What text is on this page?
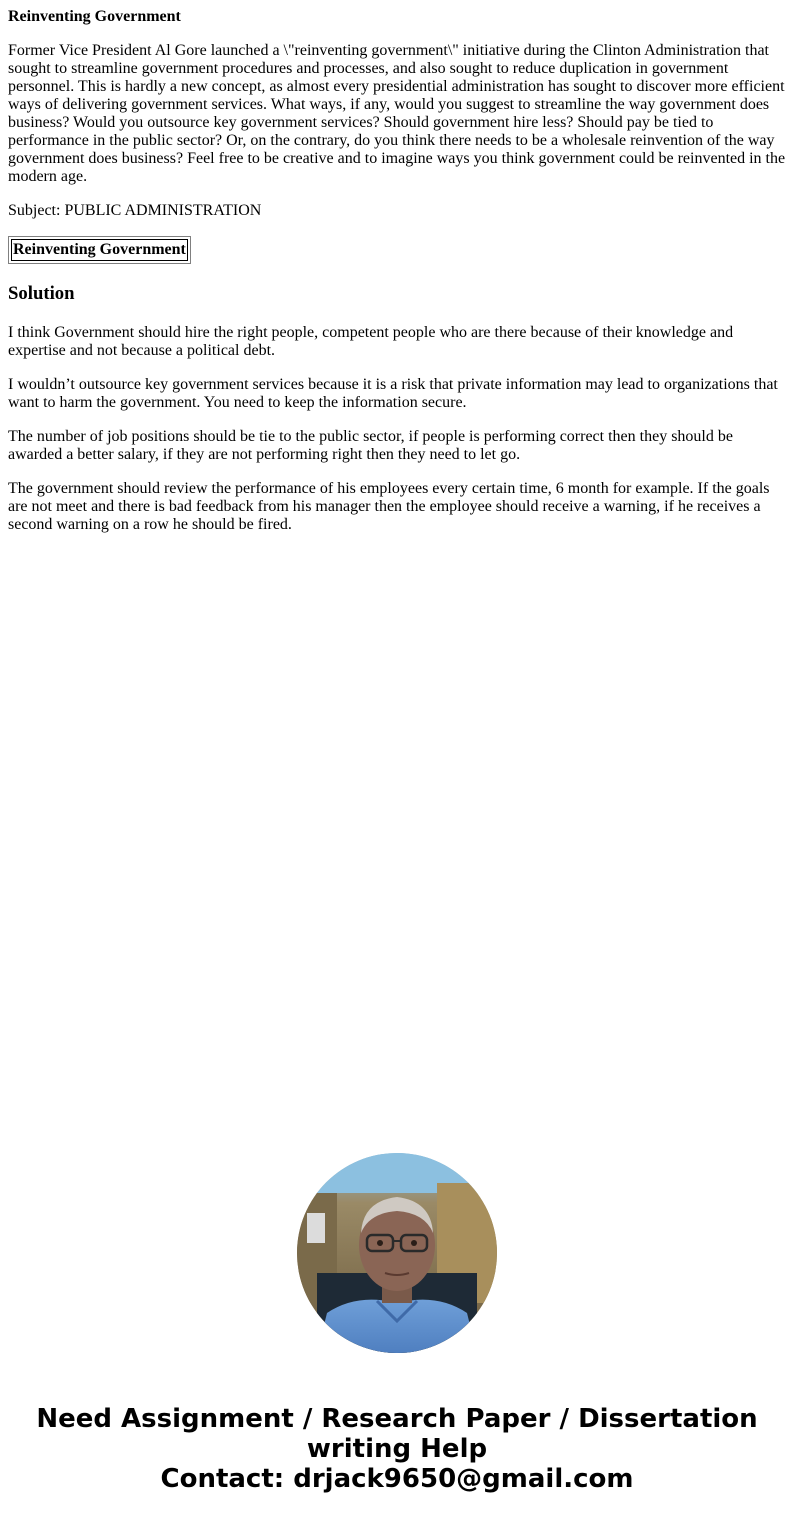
Reinventing Government

Former Vice President Al Gore launched a \"reinventing government\" initiative during the Clinton Administration that sought to streamline government procedures and processes, and also sought to reduce duplication in government personnel. This is hardly a new concept, as almost every presidential administration has sought to discover more efficient ways of delivering government services. What ways, if any, would you suggest to streamline the way government does business? Would you outsource key government services? Should government hire less? Should pay be tied to performance in the public sector? Or, on the contrary, do you think there needs to be a wholesale reinvention of the way government does business? Feel free to be creative and to imagine ways you think government could be reinvented in the modern age.

Subject: PUBLIC ADMINISTRATION

Reinventing Government
Solution

I think Government should hire the right people, competent people who are there because of their knowledge and expertise and not because a political debt.

I wouldn’t outsource key government services because it is a risk that private information may lead to organizations that want to harm the government. You need to keep the information secure.

The number of job positions should be tie to the public sector, if people is performing correct then they should be awarded a better salary, if they are not performing right then they need to let go.

The government should review the performance of his employees every certain time, 6 month for example. If the goals are not meet and there is bad feedback from his manager then the employee should receive a warning, if he receives a second warning on a row he should be fired.

Need Assignment / Research Paper / Dissertation
writing Help
Contact: drjack9650@gmail.com
